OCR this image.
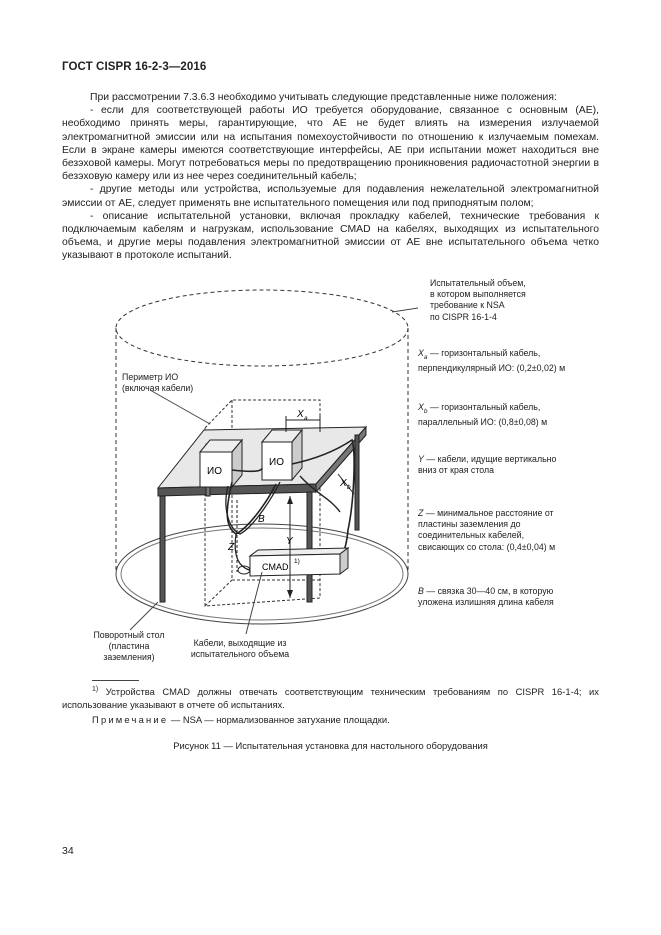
ГОСТ CISPR 16-2-3—2016

При рассмотрении 7.3.6.3 необходимо учитывать следующие представленные ниже положения:

- если для соответствующей работы ИО требуется оборудование, связанное с основным (АЕ), необходимо принять меры, гарантирующие, что АЕ не будет влиять на измерения излучаемой электромагнитной эмиссии или на испытания помехоустойчивости по отношению к излучаемым помехам. Если в экране камеры имеются соответствующие интерфейсы, АЕ при испытании может находиться вне безэховой камеры. Могут потребоваться меры по предотвращению проникновения радиочастотной энергии в безэховую камеру или из нее через соединительный кабель;

- другие методы или устройства, используемые для подавления нежелательной электромагнитной эмиссии от АЕ, следует применять вне испытательного помещения или под приподнятым полом;

- описание испытательной установки, включая прокладку кабелей, технические требования к подключаемым кабелям и нагрузкам, использование CMAD на кабелях, выходящих из испытательного объема, и другие меры подавления электромагнитной эмиссии от АЕ вне испытательного объема четко указывают в протоколе испытаний.

ИО
ИО
CMAD
1)
X a
X b
B
Z
Y
Испытательный объем,
в котором выполняется
требование к NSA
по CISPR 16-1-4
Периметр ИО
(включая кабели)
Поворотный стол
(пластина
заземления)
Кабели, выходящие из
испытательного объема
$X_a$ — горизонтальный кабель,
перпендикулярный ИО: (0,2±0,02) м
$X_b$ — горизонтальный кабель,
параллельный ИО: (0,8±0,08) м
Y — кабели, идущие вертикально
вниз от края стола
Z — минимальное расстояние от
пластины заземления до
соединительных кабелей,
свисающих со стола: (0,4±0,04) м
B — связка 30—40 см, в которую
уложена излишняя длина кабеля
$^{1)}$ Устройства CMAD должны отвечать соответствующим техническим требованиям по CISPR 16-1-4; их использование указывают в отчете об испытаниях.
Примечание — NSA — нормализованное затухание площадки.
Рисунок 11 — Испытательная установка для настольного оборудования
34
